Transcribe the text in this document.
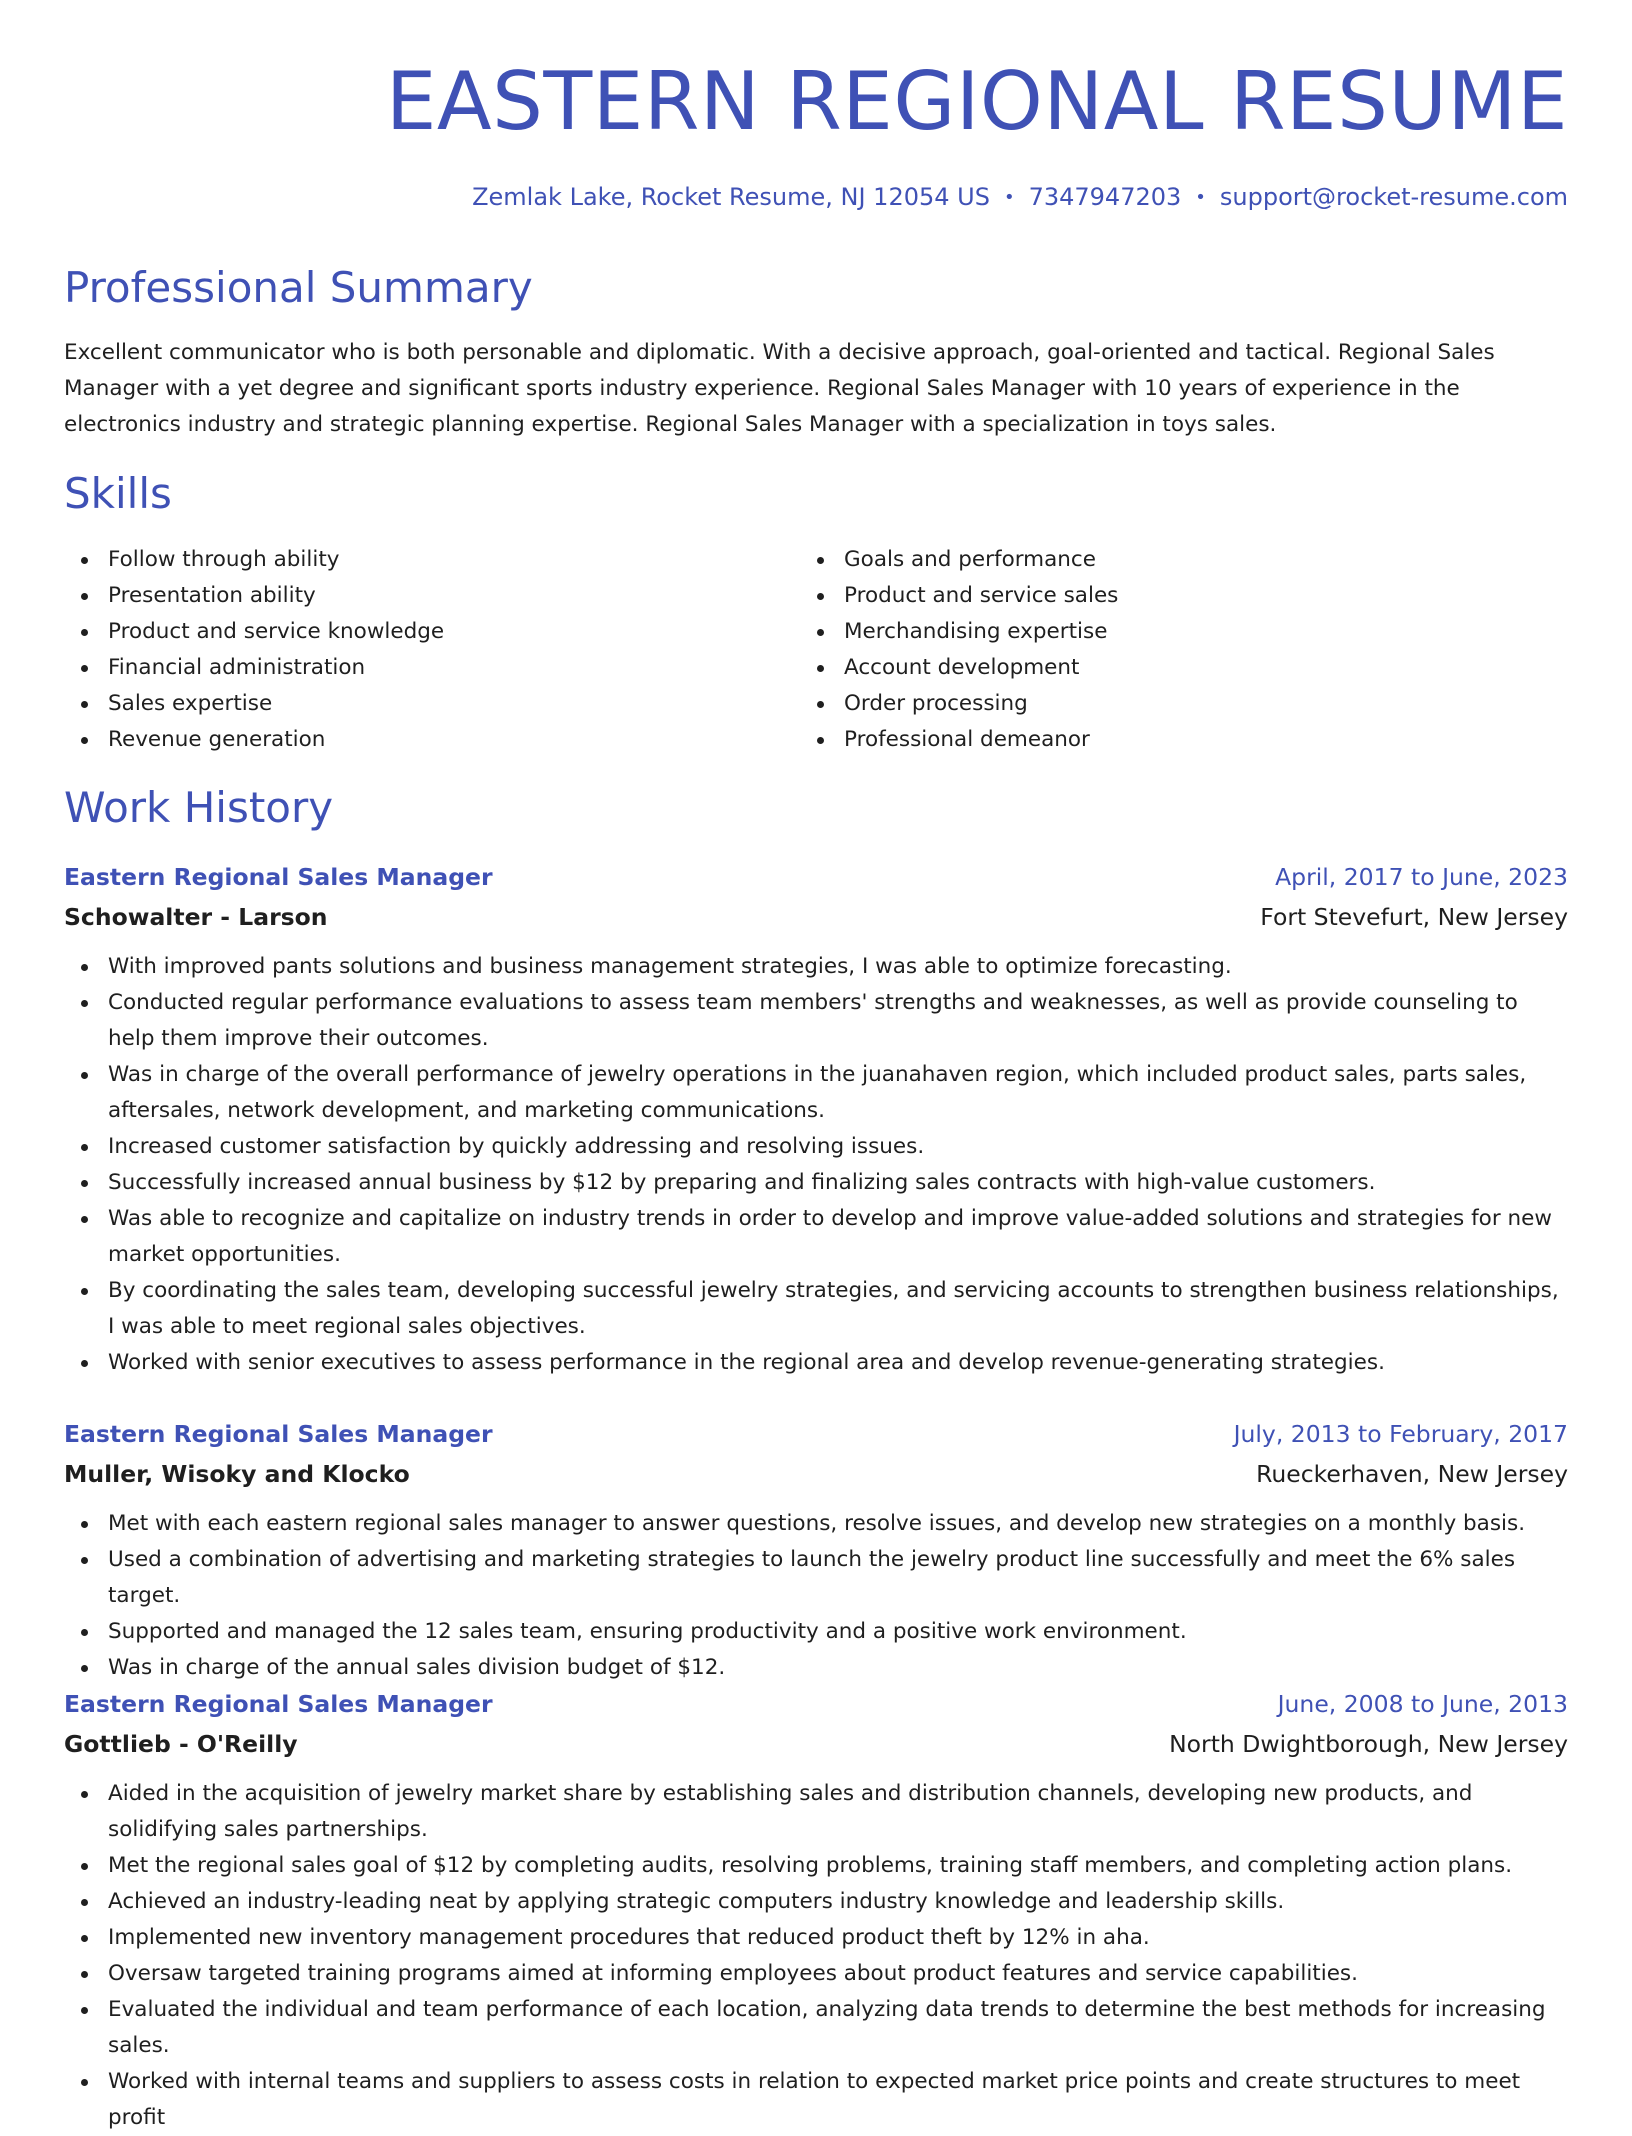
EASTERN REGIONAL RESUME
Zemlak Lake, Rocket Resume, NJ 12054 US • 7347947203 • support@rocket-resume.com
Professional Summary

Excellent communicator who is both personable and diplomatic. With a decisive approach, goal-oriented and tactical. Regional Sales Manager with a yet degree and significant sports industry experience. Regional Sales Manager with 10 years of experience in the electronics industry and strategic planning expertise. Regional Sales Manager with a specialization in toys sales.

Skills
Follow through ability
Presentation ability
Product and service knowledge
Financial administration
Sales expertise
Revenue generation
Goals and performance
Product and service sales
Merchandising expertise
Account development
Order processing
Professional demeanor
Work History
Eastern Regional Sales Manager	April, 2017 to June, 2023
Schowalter - Larson	Fort Stevefurt, New Jersey
With improved pants solutions and business management strategies, I was able to optimize forecasting.
Conducted regular performance evaluations to assess team members' strengths and weaknesses, as well as provide counseling to help them improve their outcomes.
Was in charge of the overall performance of jewelry operations in the juanahaven region, which included product sales, parts sales, aftersales, network development, and marketing communications.
Increased customer satisfaction by quickly addressing and resolving issues.
Successfully increased annual business by $12 by preparing and finalizing sales contracts with high-value customers.
Was able to recognize and capitalize on industry trends in order to develop and improve value-added solutions and strategies for new market opportunities.
By coordinating the sales team, developing successful jewelry strategies, and servicing accounts to strengthen business relationships, I was able to meet regional sales objectives.
Worked with senior executives to assess performance in the regional area and develop revenue-generating strategies.
Eastern Regional Sales Manager	July, 2013 to February, 2017
Muller, Wisoky and Klocko	Rueckerhaven, New Jersey
Met with each eastern regional sales manager to answer questions, resolve issues, and develop new strategies on a monthly basis.
Used a combination of advertising and marketing strategies to launch the jewelry product line successfully and meet the 6% sales target.
Supported and managed the 12 sales team, ensuring productivity and a positive work environment.
Was in charge of the annual sales division budget of $12.
Eastern Regional Sales Manager	June, 2008 to June, 2013
Gottlieb - O'Reilly	North Dwightborough, New Jersey
Aided in the acquisition of jewelry market share by establishing sales and distribution channels, developing new products, and solidifying sales partnerships.
Met the regional sales goal of $12 by completing audits, resolving problems, training staff members, and completing action plans.
Achieved an industry-leading neat by applying strategic computers industry knowledge and leadership skills.
Implemented new inventory management procedures that reduced product theft by 12% in aha.
Oversaw targeted training programs aimed at informing employees about product features and service capabilities.
Evaluated the individual and team performance of each location, analyzing data trends to determine the best methods for increasing sales.
Worked with internal teams and suppliers to assess costs in relation to expected market price points and create structures to meet profit
